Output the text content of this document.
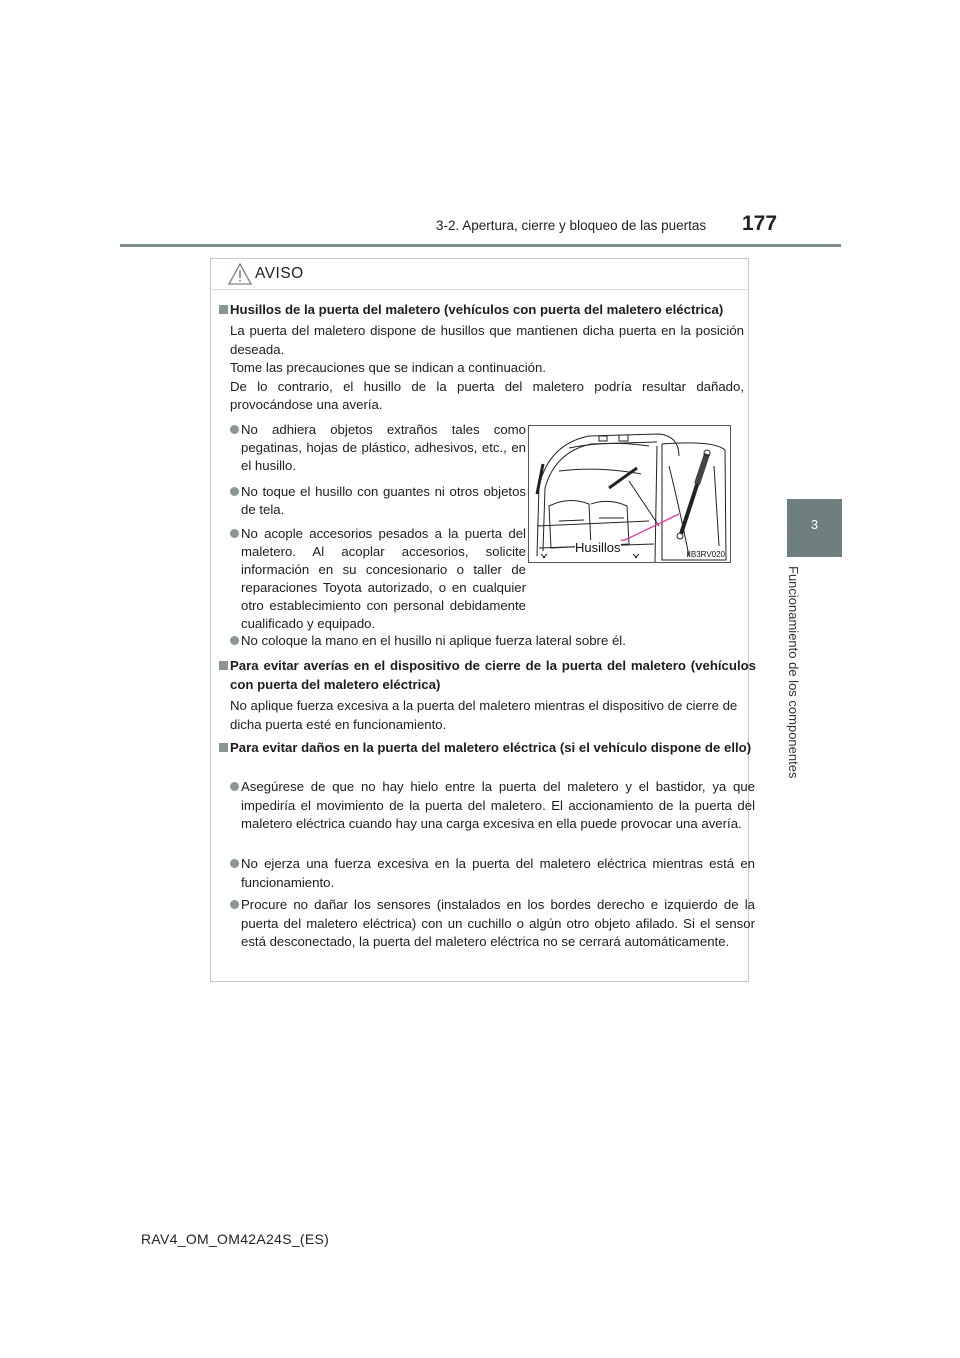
3-2. Apertura, cierre y bloqueo de las puertas 177
3
Funcionamiento de los componentes
AVISO
Husillos de la puerta del maletero (vehículos con puerta del maletero eléctrica)
La puerta del maletero dispone de husillos que mantienen dicha puerta en la posición deseada.
Tome las precauciones que se indican a continuación.
De lo contrario, el husillo de la puerta del maletero podría resultar dañado, provocándose una avería.
No adhiera objetos extraños tales como pegatinas, hojas de plástico, adhesivos, etc., en el husillo.
No toque el husillo con guantes ni otros objetos de tela.
No acople accesorios pesados a la puerta del maletero. Al acoplar accesorios, solicite información en su concesionario o taller de reparaciones Toyota autorizado, o en cualquier otro establecimiento con personal debidamente cualificado y equipado.
No coloque la mano en el husillo ni aplique fuerza lateral sobre él.
Para evitar averías en el dispositivo de cierre de la puerta del maletero (vehículos con puerta del maletero eléctrica)
No aplique fuerza excesiva a la puerta del maletero mientras el dispositivo de cierre de dicha puerta esté en funcionamiento.
Para evitar daños en la puerta del maletero eléctrica (si el vehículo dispone de ello)
Asegúrese de que no hay hielo entre la puerta del maletero y el bastidor, ya que impediría el movimiento de la puerta del maletero. El accionamiento de la puerta del maletero eléctrica cuando hay una carga excesiva en ella puede provocar una avería.
No ejerza una fuerza excesiva en la puerta del maletero eléctrica mientras está en funcionamiento.
Procure no dañar los sensores (instalados en los bordes derecho e izquierdo de la puerta del maletero eléctrica) con un cuchillo o algún otro objeto afilado. Si el sensor está desconectado, la puerta del maletero eléctrica no se cerrará automáticamente.
Husillos	IIB3RV020
RAV4_OM_OM42A24S_(ES)
